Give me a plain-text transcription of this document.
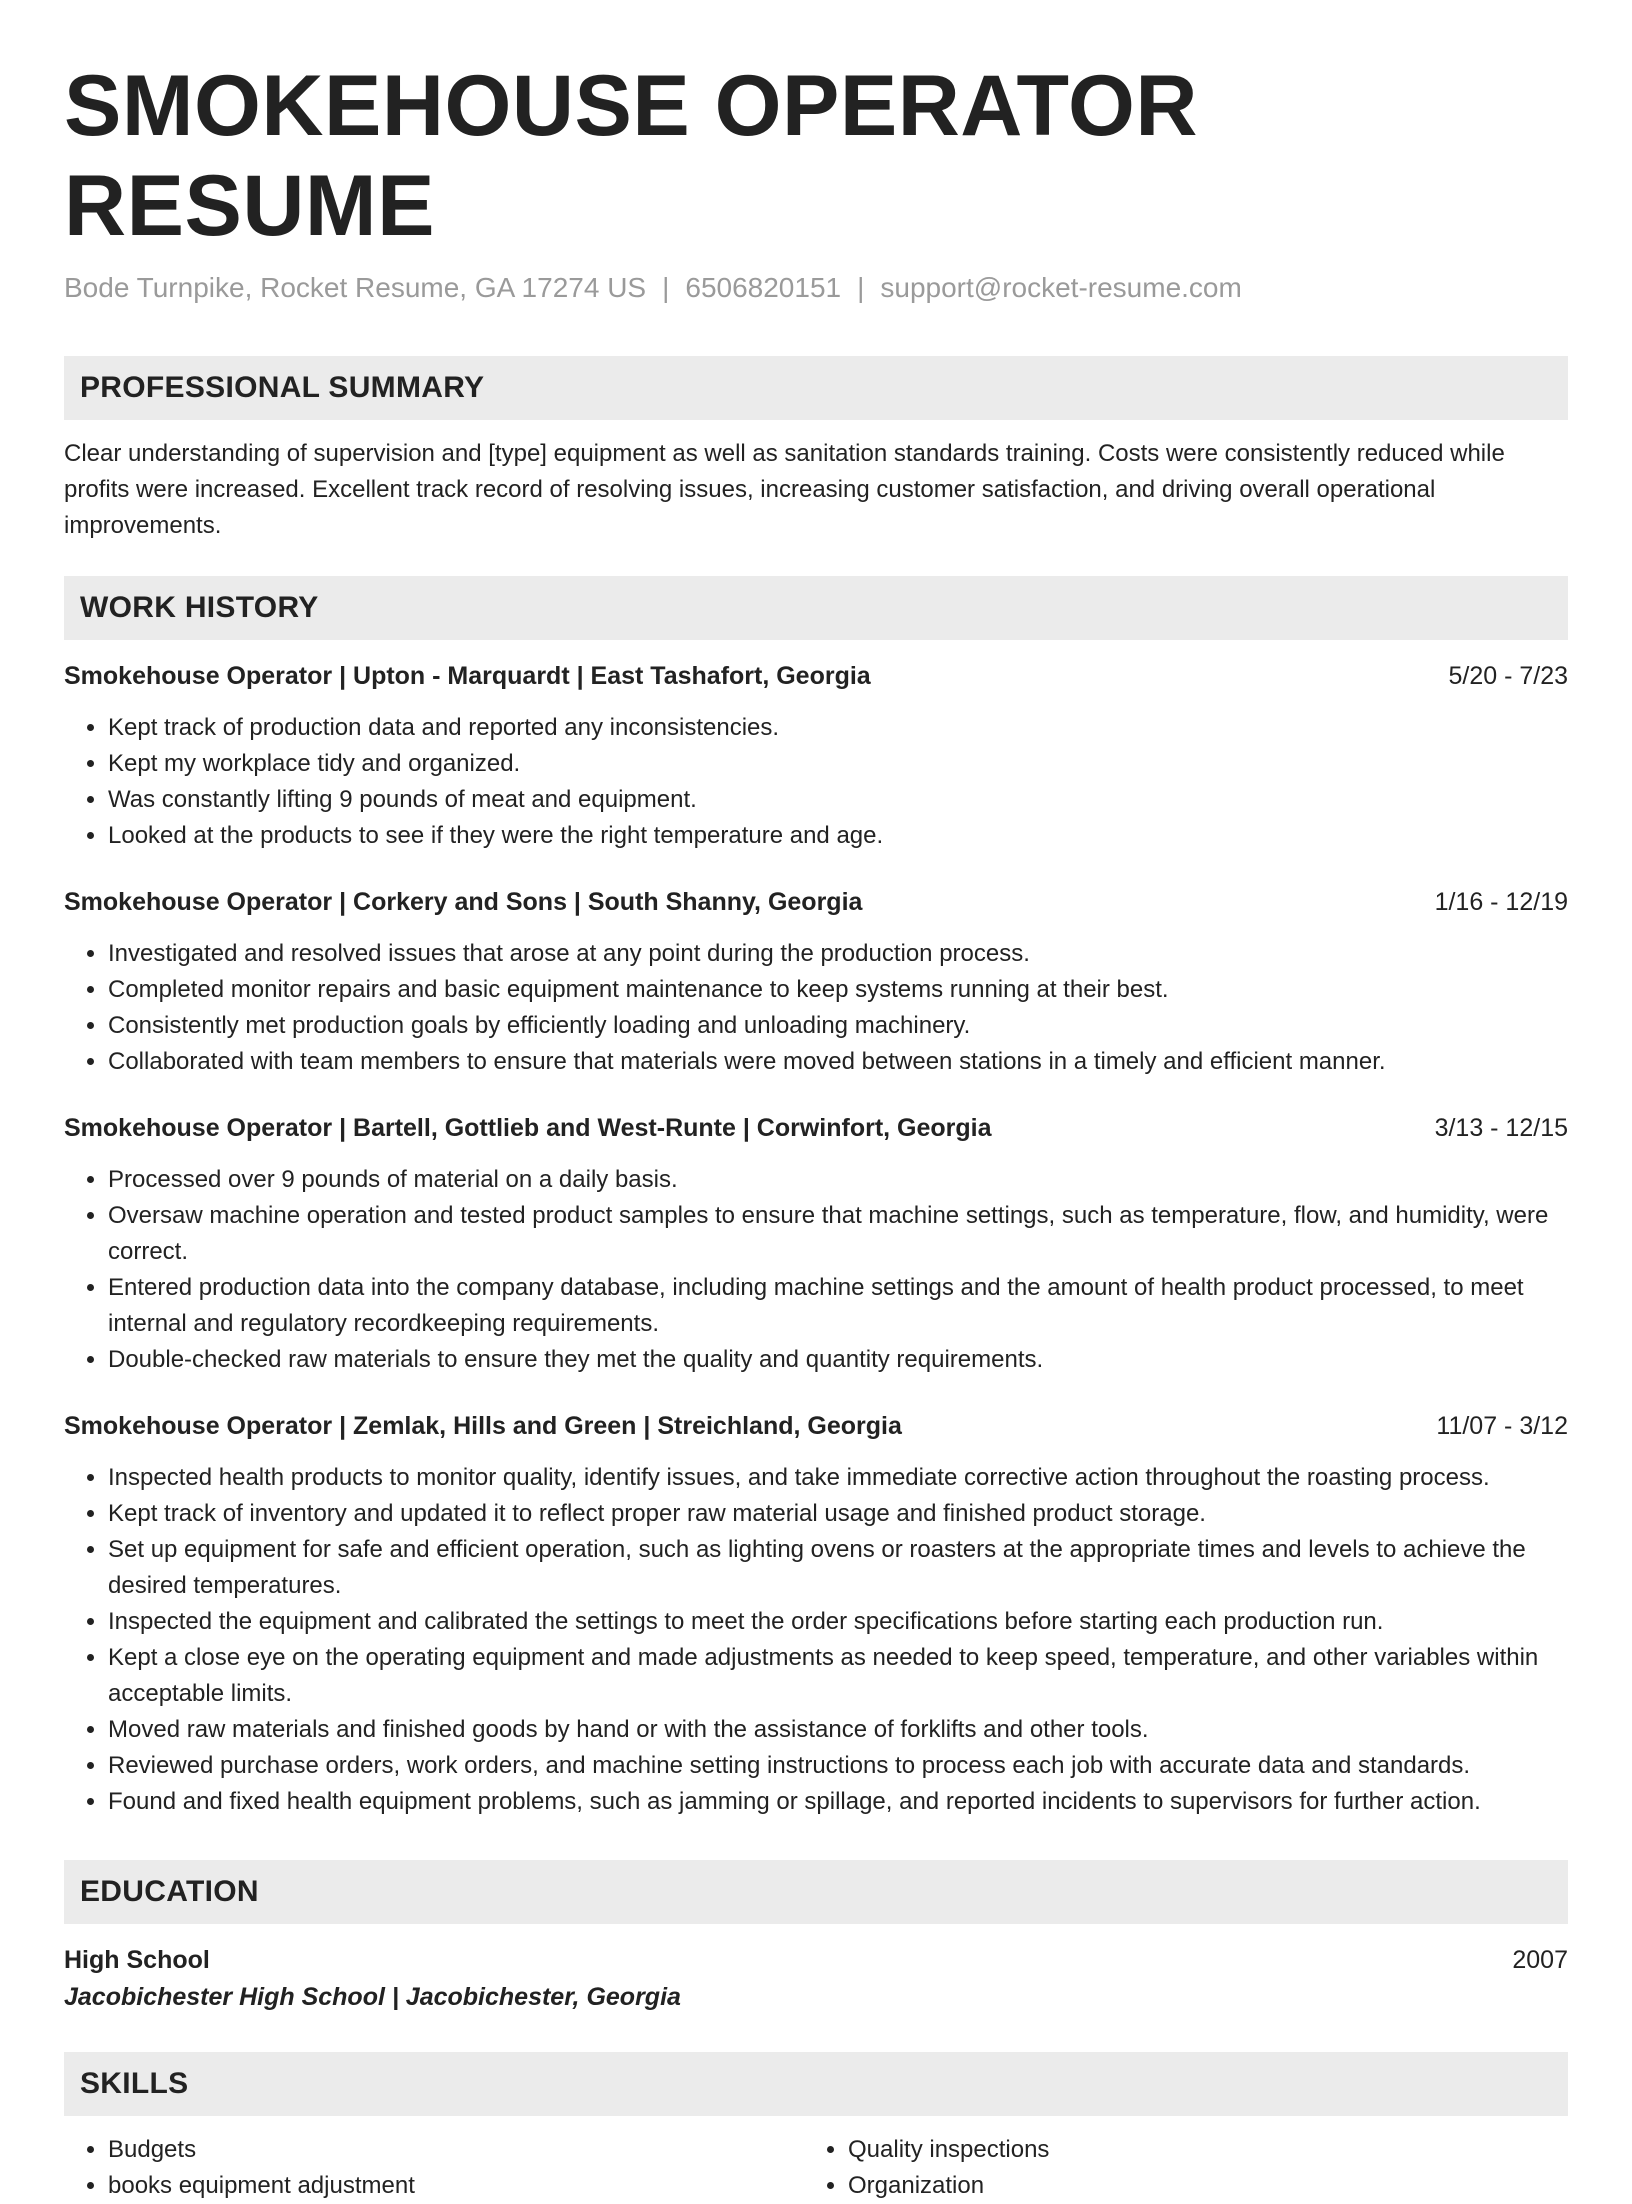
SMOKEHOUSE OPERATOR RESUME
Bode Turnpike, Rocket Resume, GA 17274 US | 6506820151 | support@rocket-resume.com
PROFESSIONAL SUMMARY
Clear understanding of supervision and [type] equipment as well as sanitation standards training. Costs were consistently reduced while profits were increased. Excellent track record of resolving issues, increasing customer satisfaction, and driving overall operational improvements.
WORK HISTORY
Smokehouse Operator | Upton - Marquardt | East Tashafort, Georgia	5/20 - 7/23
• Kept track of production data and reported any inconsistencies.
• Kept my workplace tidy and organized.
• Was constantly lifting 9 pounds of meat and equipment.
• Looked at the products to see if they were the right temperature and age.
Smokehouse Operator | Corkery and Sons | South Shanny, Georgia	1/16 - 12/19
• Investigated and resolved issues that arose at any point during the production process.
• Completed monitor repairs and basic equipment maintenance to keep systems running at their best.
• Consistently met production goals by efficiently loading and unloading machinery.
• Collaborated with team members to ensure that materials were moved between stations in a timely and efficient manner.
Smokehouse Operator | Bartell, Gottlieb and West-Runte | Corwinfort, Georgia	3/13 - 12/15
• Processed over 9 pounds of material on a daily basis.
• Oversaw machine operation and tested product samples to ensure that machine settings, such as temperature, flow, and humidity, were correct.
• Entered production data into the company database, including machine settings and the amount of health product processed, to meet internal and regulatory recordkeeping requirements.
• Double-checked raw materials to ensure they met the quality and quantity requirements.
Smokehouse Operator | Zemlak, Hills and Green | Streichland, Georgia	11/07 - 3/12
• Inspected health products to monitor quality, identify issues, and take immediate corrective action throughout the roasting process.
• Kept track of inventory and updated it to reflect proper raw material usage and finished product storage.
• Set up equipment for safe and efficient operation, such as lighting ovens or roasters at the appropriate times and levels to achieve the desired temperatures.
• Inspected the equipment and calibrated the settings to meet the order specifications before starting each production run.
• Kept a close eye on the operating equipment and made adjustments as needed to keep speed, temperature, and other variables within acceptable limits.
• Moved raw materials and finished goods by hand or with the assistance of forklifts and other tools.
• Reviewed purchase orders, work orders, and machine setting instructions to process each job with accurate data and standards.
• Found and fixed health equipment problems, such as jamming or spillage, and reported incidents to supervisors for further action.
EDUCATION
High School	2007
Jacobichester High School | Jacobichester, Georgia
SKILLS
• Budgets
• books equipment adjustment
• Quality inspections
• Organization
